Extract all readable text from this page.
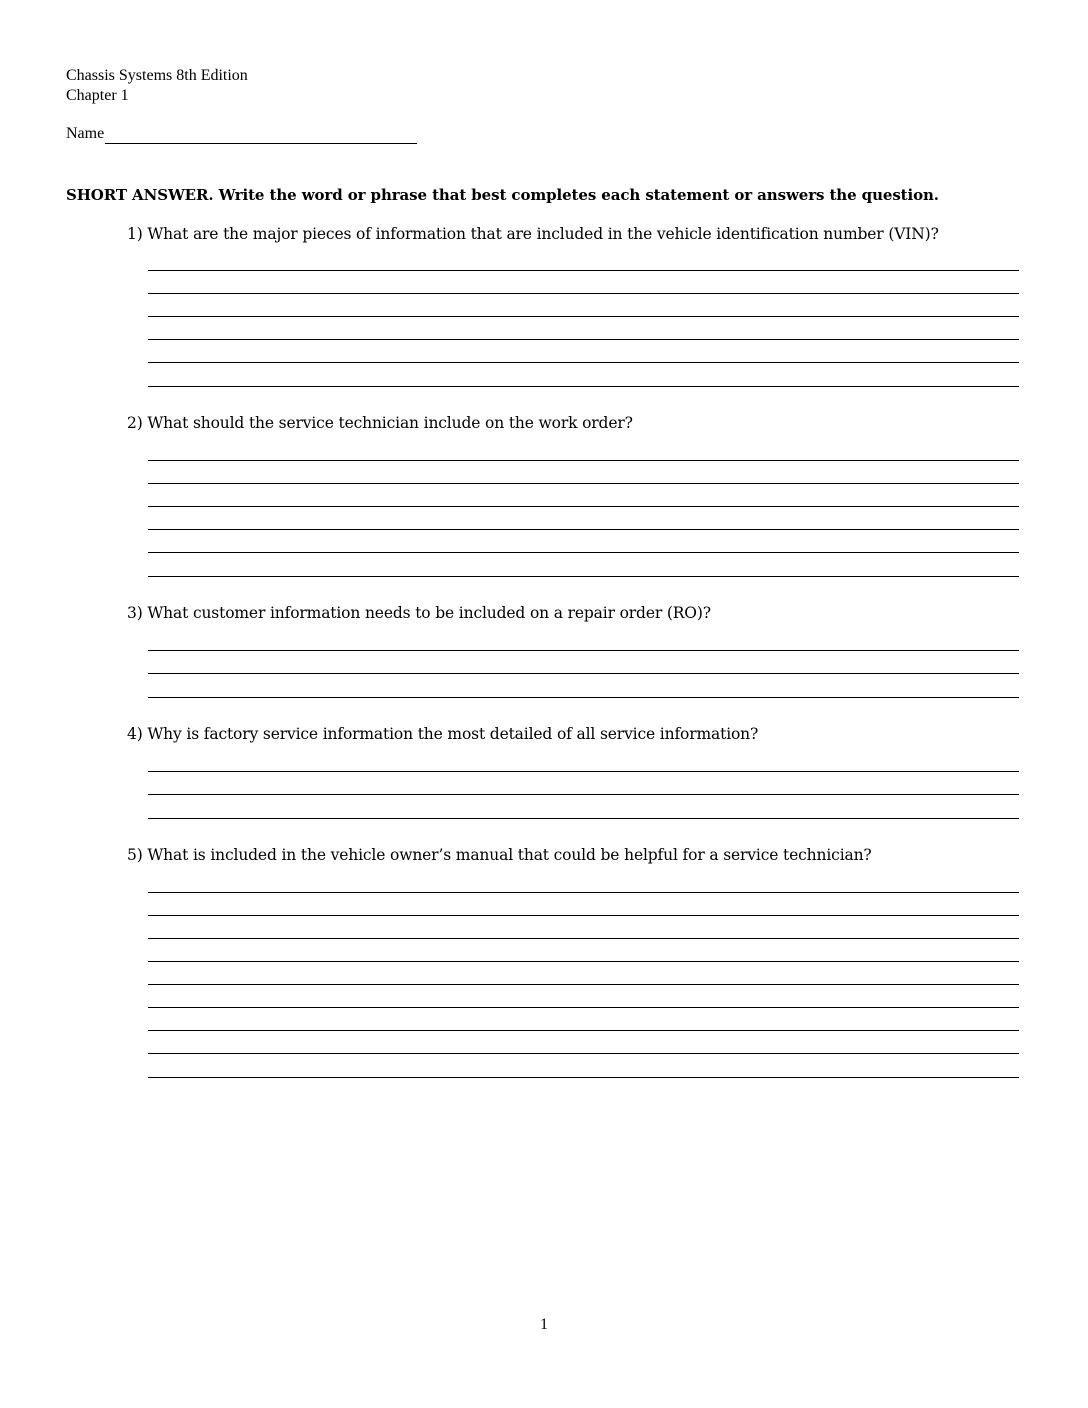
Chassis Systems 8th Edition
Chapter 1
Name
SHORT ANSWER. Write the word or phrase that best completes each statement or answers the question.
1) What are the major pieces of information that are included in the vehicle identification number (VIN)?
2) What should the service technician include on the work order?
3) What customer information needs to be included on a repair order (RO)?
4) Why is factory service information the most detailed of all service information?
5) What is included in the vehicle owner’s manual that could be helpful for a service technician?
1
